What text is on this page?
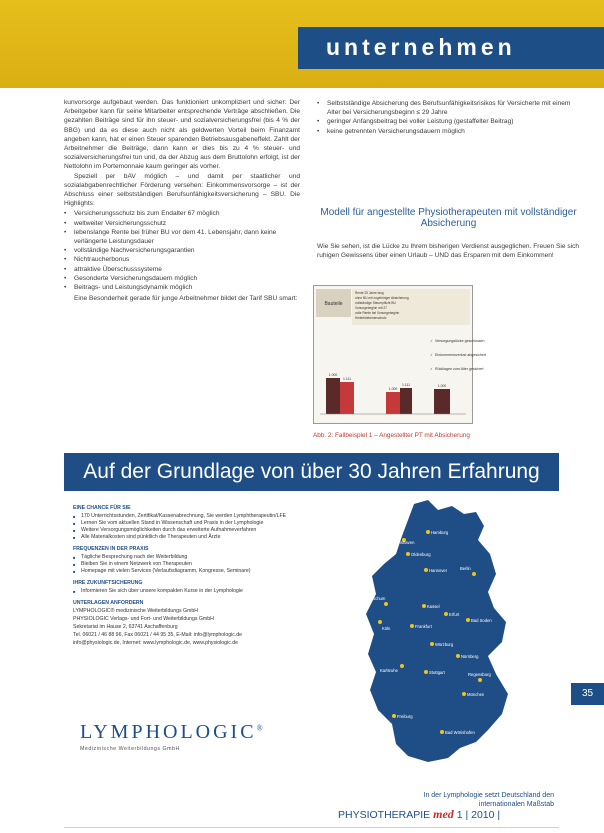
unternehmen

kunvorsorge aufgebaut werden. Das funktioniert unkompliziert und sicher: Der Arbeitgeber kann für seine Mitarbeiter entsprechende Verträge abschließen. Die gezahlten Beiträge sind für ihn steuer- und sozialversicherungsfrei (bis 4 % der BBG) und da es diese auch nicht als geldwerten Vorteil beim Finanzamt angeben kann, hat er einen Steuer sparenden Betriebsausgabeneffekt. Zahlt der Arbeitnehmer die Beiträge, dann kann er dies bis zu 4 % steuer- und sozialversicherungsfrei tun und, da der Abzug aus dem Bruttolohn erfolgt, ist der Nettolohn im Portemonnaie kaum geringer als vorher.

Speziell per bAV möglich – und damit per staatlicher und sozialabgabenrechtlicher Förderung versehen: Einkommensvorsorge – ist der Abschluss einer selbstständigen Berufsunfähigkeitsversicherung – SBU. Die Highlights:

• Versicherungsschutz bis zum Endalter 67 möglich
• weltweiter Versicherungsschutz
• lebenslange Rente bei früher BU vor dem 41. Lebensjahr, dann keine verlängerte Leistungsdauer
• vollständige Nachversicherungsgarantien
• Nichtraucherbonus
• attraktive Überschusssysteme
• Gesonderte Versicherungsdauern möglich
• Beitrags- und Leistungsdynamik möglich

Eine Besonderheit gerade für junge Arbeitnehmer bildet der Tarif SBU smart:

• Selbstständige Absicherung des Berufsunfähigkeitsrisikos für Versicherte mit einem Alter bei Versicherungsbeginn ≤ 29 Jahre
• geringer Anfangsbeitrag bei voller Leistung (gestaffelter Beitrag)
• keine getrennten Versicherungsdauern möglich
Modell für angestellte Physiotherapeuten mit vollständiger Absicherung

Wie Sie sehen, ist die Lücke zu Ihrem bisherigen Verdienst ausgeglichen. Freuen Sie sich ruhigen Gewissens über einen Urlaub – UND das Ersparen mit dem Einkommen!

Bauteile
Rente 25 Jahre lang
ohne BU mit zugehöriger Absicherung
vollständige Steuerpflicht BU
Vorsorgebeginn mit 27
volle Rente bei Vorsorgebeginn
Hinterbliebenenschutz
✓ Versorgungslücke geschlossen
✓ Einkommensverlust abgesichert
✓ Rücklagen zum Alter gesichert
1.000
1.111
1.000
1.111	1.000
Abb. 2: Fallbeispiel 1 – Angestellter PT mit Absicherung
Auf der Grundlage von über 30 Jahren Erfahrung
EINE CHANCE FÜR SIE
■ 170 Unterrichtsstunden, Zertifikat/Kassenabrechnung, Sie werden Lymphtherapeutin/LFE
■ Lernen Sie vom aktuellen Stand in Wissenschaft und Praxis in der Lymphologie
■ Weitere Versorgungsmöglichkeiten durch das erweiterte Aufnahmeverfahren
■ Alle Materialkosten sind pünktlich die Therapeuten und Ärzte
FREQUENZEN IN DER PRAXIS
■ Tägliche Besprechung nach der Weiterbildung
■ Bleiben Sie in einem Netzwerk von Therapeuten
■ Homepage mit vielen Services (Verlaufsdiagramm, Kongresse, Seminare)
IHRE ZUKUNFTSICHERUNG
■ Informieren Sie sich über unsere kompakten Kurse in der Lymphologie
UNTERLAGEN ANFORDERN
LYMPHOLOGIC® medizinische Weiterbildungs GmbH
PHYSIOLOGIC Verlags- und Fort- und Weiterbildungs GmbH
Sekretariat im Hause 2, 63741 Aschaffenburg
Tel. 06021 / 46 88 96, Fax 06021 / 44 95 35, E-Mail: info@lymphologic.de
info@physiologic.de, Internet: www.lymphologic.de, www.physiologic.de
LYMPHOLOGIC®
Medizinische Weiterbildungs GmbH
Hamburg
Wilhelmshaven
Oldenburg
Hannover	Berlin
Bochum
Kassel
Köln
Erfurt
Frankfurt
Bad Soden
Würzburg
Nürnberg
Karlsruhe	Stuttgart
München
Freiburg
Regensburg
Bad Wörishofen
In der Lymphologie setzt Deutschland den internationalen Maßstab
35
PHYSIOTHERAPIE med 1 | 2010 |
